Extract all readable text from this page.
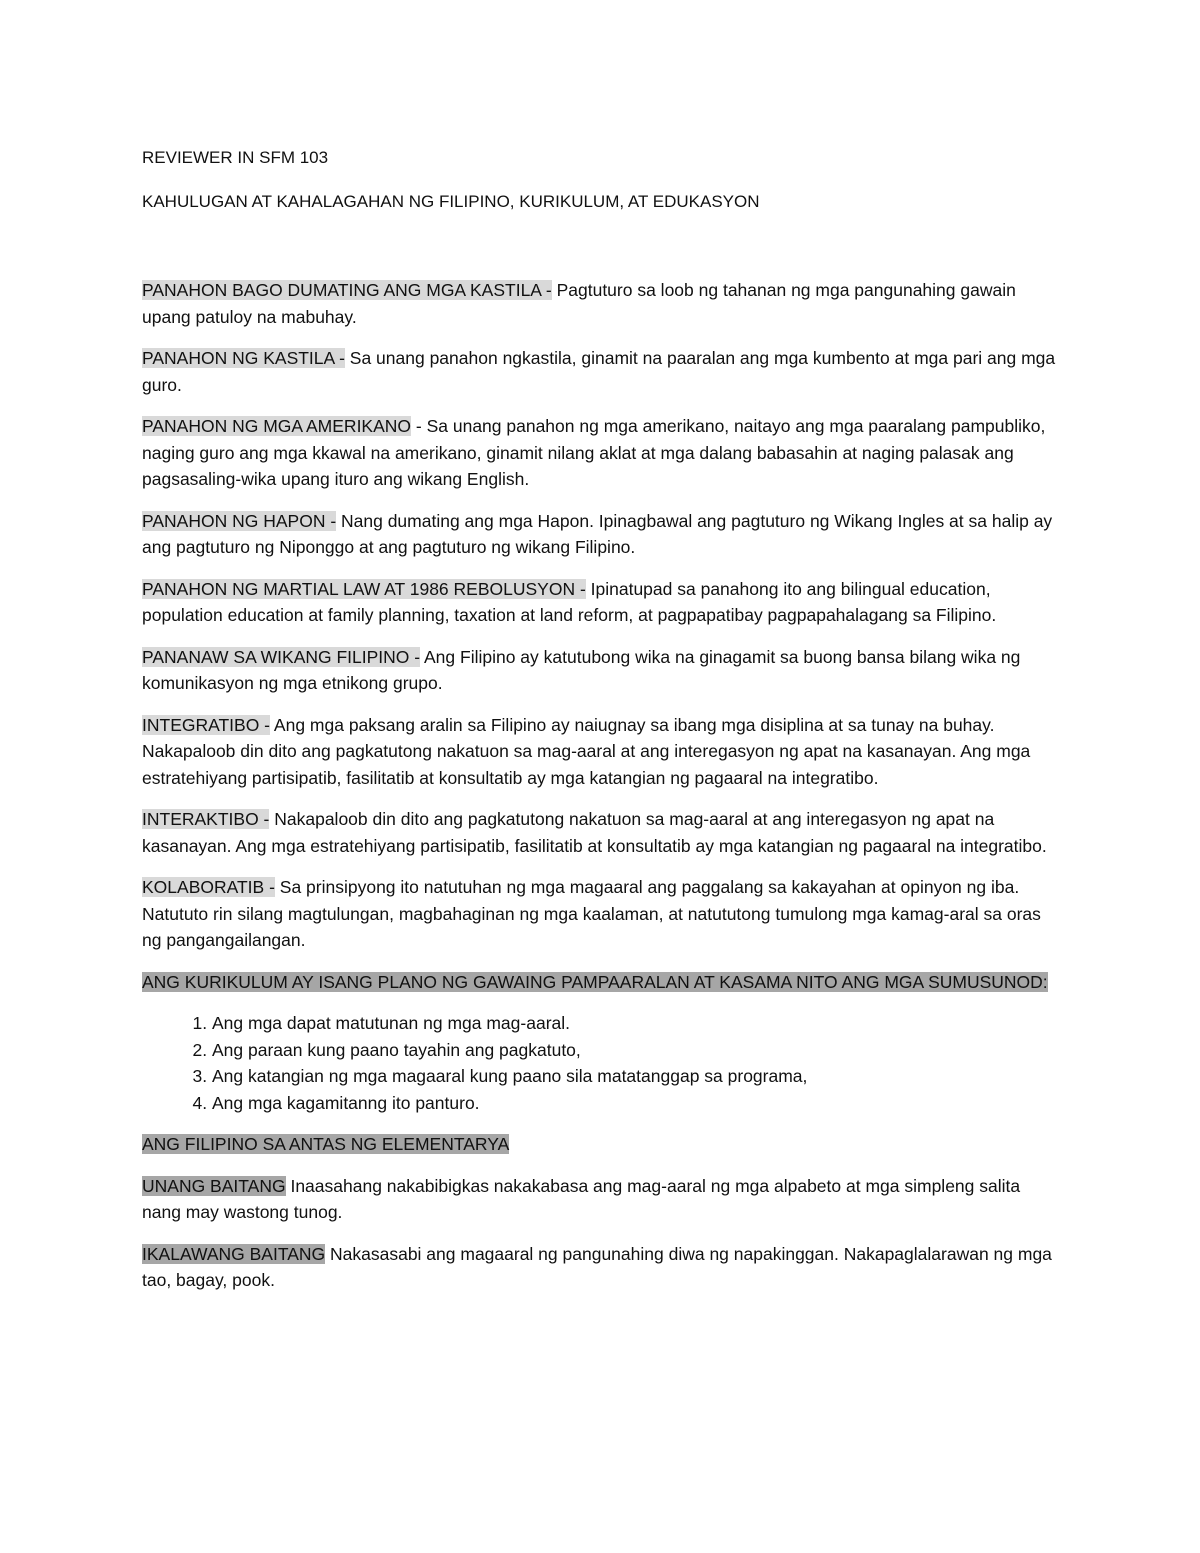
REVIEWER IN SFM 103

KAHULUGAN AT KAHALAGAHAN NG FILIPINO, KURIKULUM, AT EDUKASYON

PANAHON BAGO DUMATING ANG MGA KASTILA - Pagtuturo sa loob ng tahanan ng mga pangunahing gawain upang patuloy na mabuhay.

PANAHON NG KASTILA - Sa unang panahon ngkastila, ginamit na paaralan ang mga kumbento at mga pari ang mga guro.

PANAHON NG MGA AMERIKANO - Sa unang panahon ng mga amerikano, naitayo ang mga paaralang pampubliko, naging guro ang mga kkawal na amerikano, ginamit nilang aklat at mga dalang babasahin at naging palasak ang pagsasaling-wika upang ituro ang wikang English.

PANAHON NG HAPON - Nang dumating ang mga Hapon. Ipinagbawal ang pagtuturo ng Wikang Ingles at sa halip ay ang pagtuturo ng Niponggo at ang pagtuturo ng wikang Filipino.

PANAHON NG MARTIAL LAW AT 1986 REBOLUSYON - Ipinatupad sa panahong ito ang bilingual education, population education at family planning, taxation at land reform, at pagpapatibay pagpapahalagang sa Filipino.

PANANAW SA WIKANG FILIPINO - Ang Filipino ay katutubong wika na ginagamit sa buong bansa bilang wika ng komunikasyon ng mga etnikong grupo.

INTEGRATIBO - Ang mga paksang aralin sa Filipino ay naiugnay sa ibang mga disiplina at sa tunay na buhay. Nakapaloob din dito ang pagkatutong nakatuon sa mag-aaral at ang interegasyon ng apat na kasanayan. Ang mga estratehiyang partisipatib, fasilitatib at konsultatib ay mga katangian ng pagaaral na integratibo.

INTERAKTIBO - Nakapaloob din dito ang pagkatutong nakatuon sa mag-aaral at ang interegasyon ng apat na kasanayan. Ang mga estratehiyang partisipatib, fasilitatib at konsultatib ay mga katangian ng pagaaral na integratibo.

KOLABORATIB - Sa prinsipyong ito natutuhan ng mga magaaral ang paggalang sa kakayahan at opinyon ng iba. Natututo rin silang magtulungan, magbahaginan ng mga kaalaman, at natututong tumulong mga kamag-aral sa oras ng pangangailangan.

ANG KURIKULUM AY ISANG PLANO NG GAWAING PAMPAARALAN AT KASAMA NITO ANG MGA SUMUSUNOD:

1. Ang mga dapat matutunan ng mga mag-aaral.
2. Ang paraan kung paano tayahin ang pagkatuto,
3. Ang katangian ng mga magaaral kung paano sila matatanggap sa programa,
4. Ang mga kagamitanng ito panturo.

ANG FILIPINO SA ANTAS NG ELEMENTARYA

UNANG BAITANG Inaasahang nakabibigkas nakakabasa ang mag-aaral ng mga alpabeto at mga simpleng salita nang may wastong tunog.

IKALAWANG BAITANG Nakasasabi ang magaaral ng pangunahing diwa ng napakinggan. Nakapaglalarawan ng mga tao, bagay, pook.
